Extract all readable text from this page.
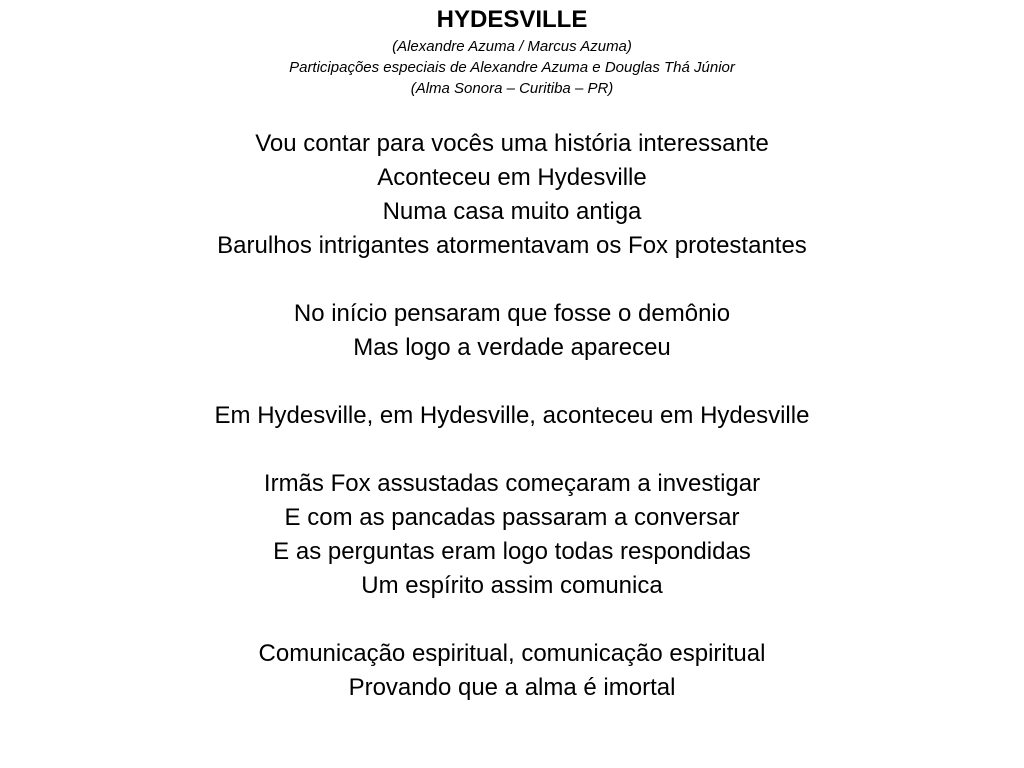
HYDESVILLE
(Alexandre Azuma / Marcus Azuma)
Participações especiais de Alexandre Azuma e Douglas Thá Júnior
(Alma Sonora – Curitiba – PR)
Vou contar para vocês uma história interessante
Aconteceu em Hydesville
Numa casa muito antiga
Barulhos intrigantes atormentavam os Fox protestantes
No início pensaram que fosse o demônio
Mas logo a verdade apareceu
Em Hydesville, em Hydesville, aconteceu em Hydesville
Irmãs Fox assustadas começaram a investigar
E com as pancadas passaram a conversar
E as perguntas eram logo todas respondidas
Um espírito assim comunica
Comunicação espiritual, comunicação espiritual
Provando que a alma é imortal
